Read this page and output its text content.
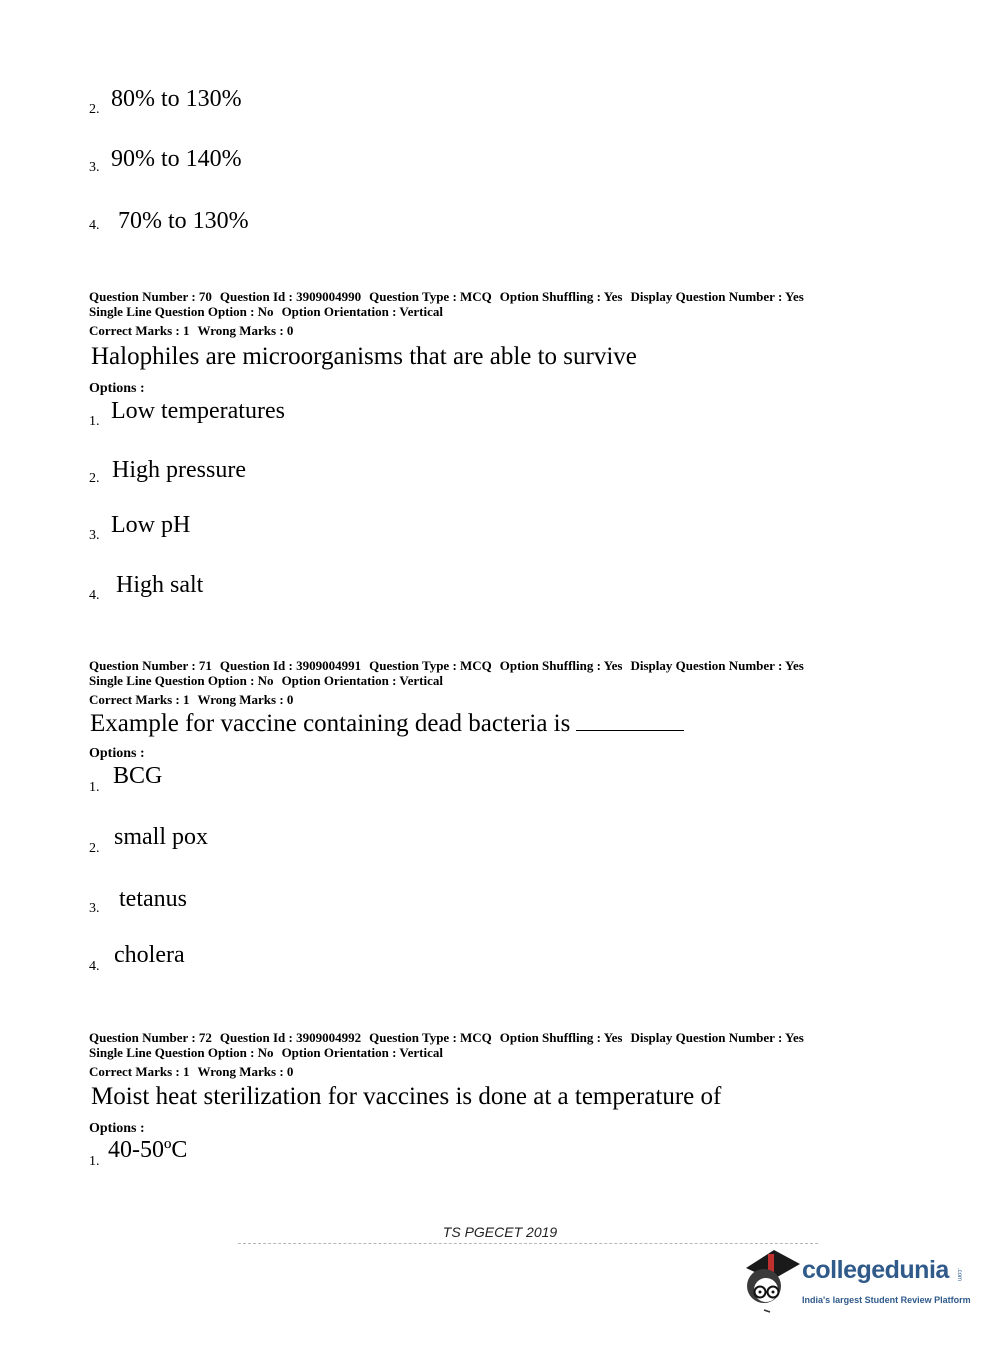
2. 80% to 130%
3. 90% to 140%
4. 70% to 130%
Question Number : 70 Question Id : 3909004990 Question Type : MCQ Option Shuffling : Yes Display Question Number : Yes
Single Line Question Option : No Option Orientation : Vertical
Correct Marks : 1 Wrong Marks : 0
Halophiles are microorganisms that are able to survive
Options :
1. Low temperatures
2. High pressure
3. Low pH
4. High salt
Question Number : 71 Question Id : 3909004991 Question Type : MCQ Option Shuffling : Yes Display Question Number : Yes
Single Line Question Option : No Option Orientation : Vertical
Correct Marks : 1 Wrong Marks : 0
Example for vaccine containing dead bacteria is
Options :
1. BCG
2. small pox
3. tetanus
4. cholera
Question Number : 72 Question Id : 3909004992 Question Type : MCQ Option Shuffling : Yes Display Question Number : Yes
Single Line Question Option : No Option Orientation : Vertical
Correct Marks : 1 Wrong Marks : 0
Moist heat sterilization for vaccines is done at a temperature of
Options :
1. 40-50ºC
TS PGECET 2019
collegedunia .com
India's largest Student Review Platform
